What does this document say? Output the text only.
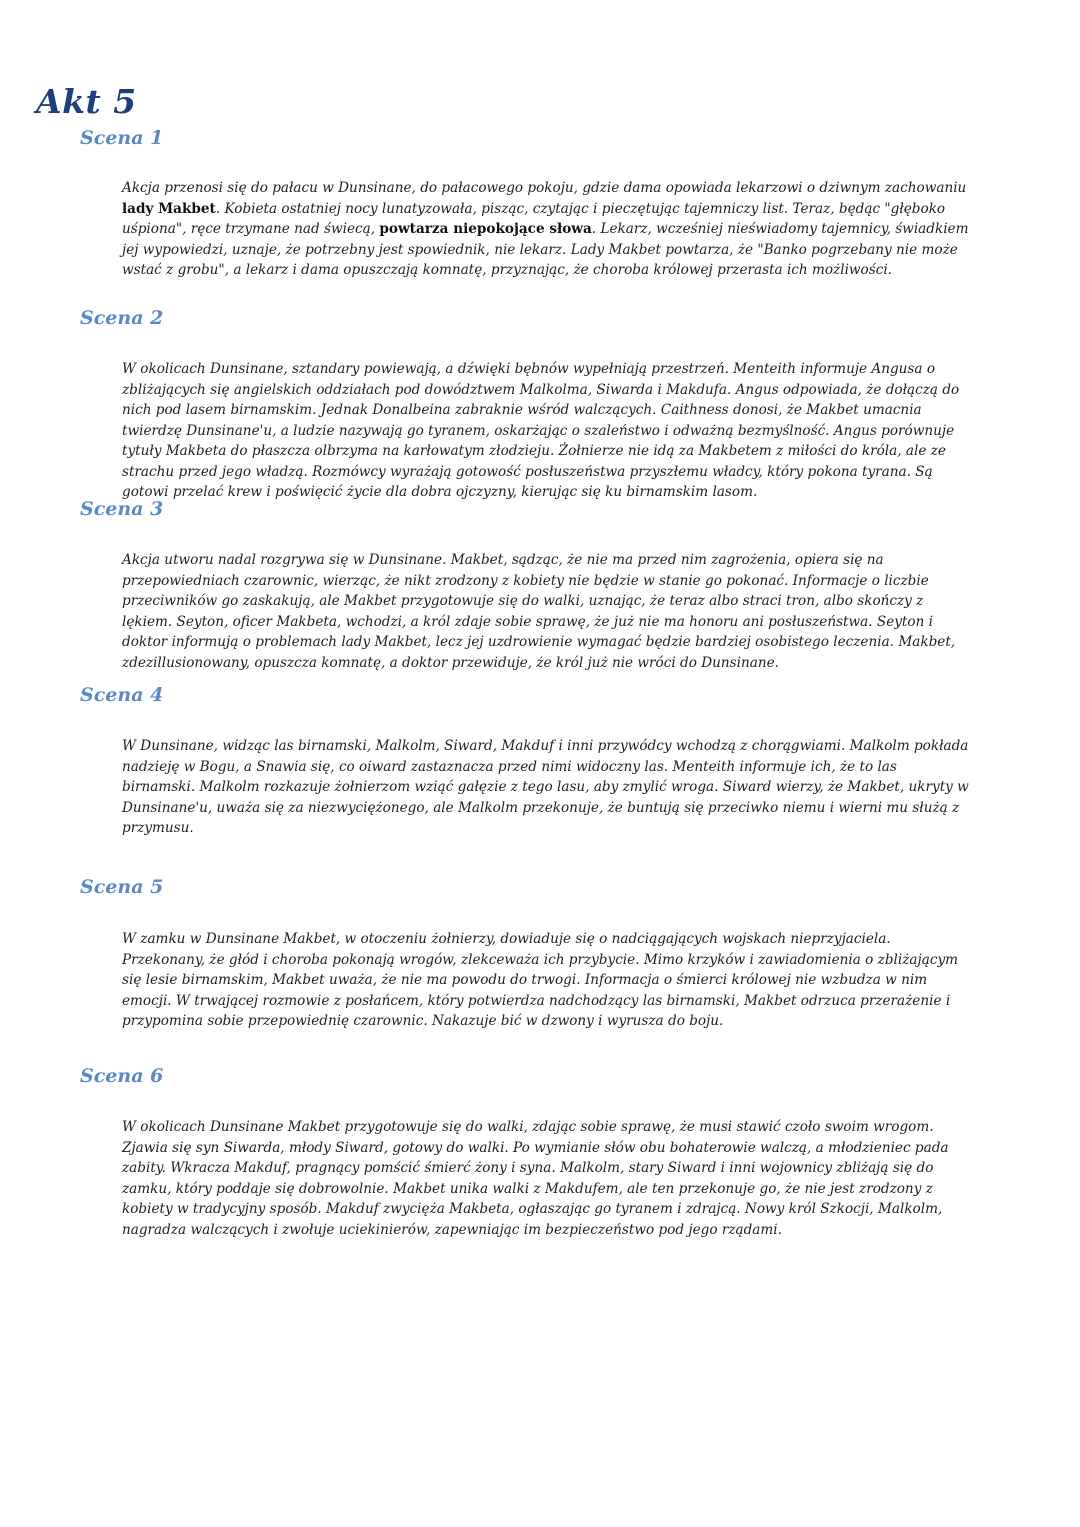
Akt 5
Scena 1

Akcja przenosi się do pałacu w Dunsinane, do pałacowego pokoju, gdzie dama opowiada lekarzowi o dziwnym zachowaniu lady Makbet. Kobieta ostatniej nocy lunatyzowała, pisząc, czytając i pieczętując tajemniczy list. Teraz, będąc "głęboko uśpiona", ręce trzymane nad świecą, powtarza niepokojące słowa. Lekarz, wcześniej nieświadomy tajemnicy, świadkiem jej wypowiedzi, uznaje, że potrzebny jest spowiednik, nie lekarz. Lady Makbet powtarza, że "Banko pogrzebany nie może wstać z grobu", a lekarz i dama opuszczają komnatę, przyznając, że choroba królowej przerasta ich możliwości.

Scena 2

W okolicach Dunsinane, sztandary powiewają, a dźwięki bębnów wypełniają przestrzeń. Menteith informuje Angusa o zbliżających się angielskich oddziałach pod dowództwem Malkolma, Siwarda i Makdufa. Angus odpowiada, że dołączą do nich pod lasem birnamskim. Jednak Donalbeina zabraknie wśród walczących. Caithness donosi, że Makbet umacnia twierdzę Dunsinane'u, a ludzie nazywają go tyranem, oskarżając o szaleństwo i odważną bezmyślność. Angus porównuje tytuły Makbeta do płaszcza olbrzyma na karłowatym złodzieju. Żołnierze nie idą za Makbetem z miłości do króla, ale ze strachu przed jego władzą. Rozmówcy wyrażają gotowość posłuszeństwa przyszłemu władcy, który pokona tyrana. Są gotowi przelać krew i poświęcić życie dla dobra ojczyzny, kierując się ku birnamskim lasom.

Scena 3

Akcja utworu nadal rozgrywa się w Dunsinane. Makbet, sądząc, że nie ma przed nim zagrożenia, opiera się na przepowiedniach czarownic, wierząc, że nikt zrodzony z kobiety nie będzie w stanie go pokonać. Informacje o liczbie przeciwników go zaskakują, ale Makbet przygotowuje się do walki, uznając, że teraz albo straci tron, albo skończy z lękiem. Seyton, oficer Makbeta, wchodzi, a król zdaje sobie sprawę, że już nie ma honoru ani posłuszeństwa. Seyton i doktor informują o problemach lady Makbet, lecz jej uzdrowienie wymagać będzie bardziej osobistego leczenia. Makbet, zdezillusionowany, opuszcza komnatę, a doktor przewiduje, że król już nie wróci do Dunsinane.

Scena 4

W Dunsinane, widząc las birnamski, Malkolm, Siward, Makduf i inni przywódcy wchodzą z chorągwiami. Malkolm pokłada nadzieję w Bogu, a Snawia się, co oiward zastaznacza przed nimi widoczny las. Menteith informuje ich, że to las birnamski. Malkolm rozkazuje żołnierzom wziąć gałęzie z tego lasu, aby zmylić wroga. Siward wierzy, że Makbet, ukryty w Dunsinane'u, uważa się za niezwyciężonego, ale Malkolm przekonuje, że buntują się przeciwko niemu i wierni mu służą z przymusu.

Scena 5

W zamku w Dunsinane Makbet, w otoczeniu żołnierzy, dowiaduje się o nadciągających wojskach nieprzyjaciela. Przekonany, że głód i choroba pokonają wrogów, zlekceważa ich przybycie. Mimo krzyków i zawiadomienia o zbliżającym się lesie birnamskim, Makbet uważa, że nie ma powodu do trwogi. Informacja o śmierci królowej nie wzbudza w nim emocji. W trwającej rozmowie z posłańcem, który potwierdza nadchodzący las birnamski, Makbet odrzuca przerażenie i przypomina sobie przepowiednię czarownic. Nakazuje bić w dzwony i wyrusza do boju.

Scena 6

W okolicach Dunsinane Makbet przygotowuje się do walki, zdając sobie sprawę, że musi stawić czoło swoim wrogom. Zjawia się syn Siwarda, młody Siward, gotowy do walki. Po wymianie słów obu bohaterowie walczą, a młodzieniec pada zabity. Wkracza Makduf, pragnący pomścić śmierć żony i syna. Malkolm, stary Siward i inni wojownicy zbliżają się do zamku, który poddaje się dobrowolnie. Makbet unika walki z Makdufem, ale ten przekonuje go, że nie jest zrodzony z kobiety w tradycyjny sposób. Makduf zwycięża Makbeta, ogłaszając go tyranem i zdrajcą. Nowy król Szkocji, Malkolm, nagradza walczących i zwołuje uciekinierów, zapewniając im bezpieczeństwo pod jego rządami.
